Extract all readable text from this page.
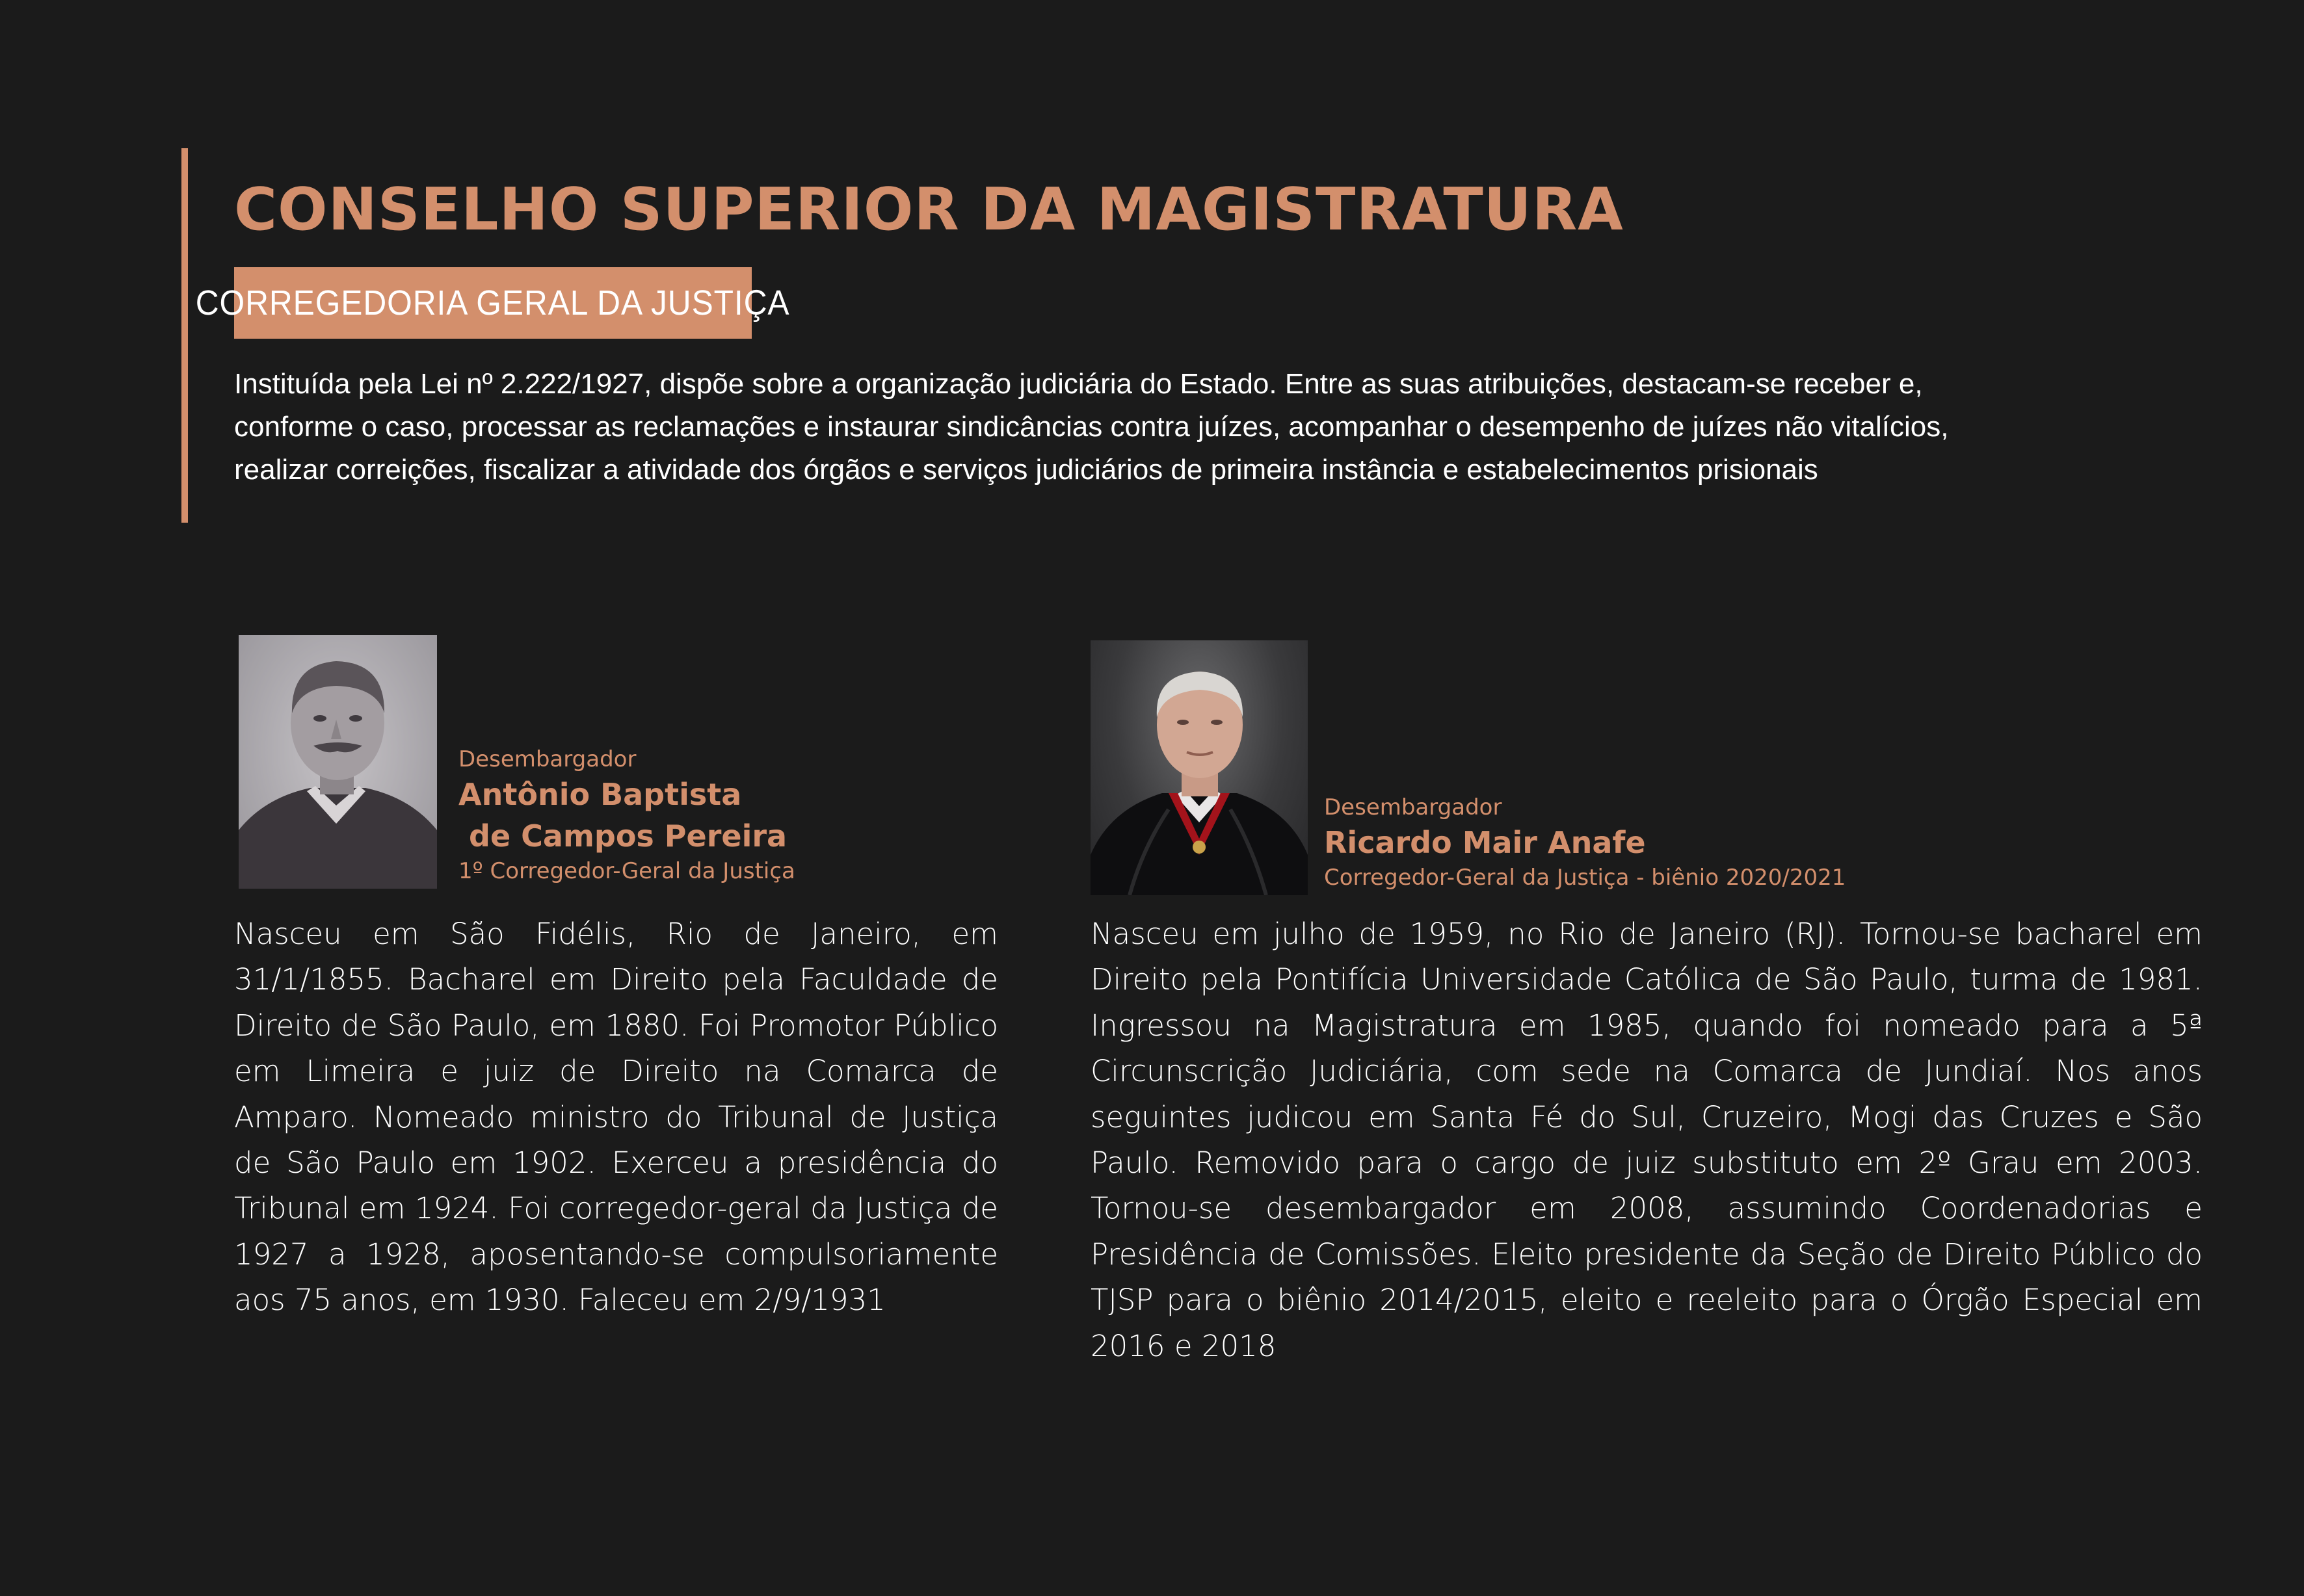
CONSELHO SUPERIOR DA MAGISTRATURA
CORREGEDORIA GERAL DA JUSTIÇA

Instituída pela Lei nº 2.222/1927, dispõe sobre a organização judiciária do Estado. Entre as suas atribuições, destacam-se receber e,
conforme o caso, processar as reclamações e instaurar sindicâncias contra juízes, acompanhar o desempenho de juízes não vitalícios,
realizar correições, fiscalizar a atividade dos órgãos e serviços judiciários de primeira instância e estabelecimentos prisionais

Desembargador
Antônio Baptista
de Campos Pereira
1º Corregedor-Geral da Justiça
Desembargador
Ricardo Mair Anafe
Corregedor-Geral da Justiça - biênio 2020/2021

Nasceu em São Fidélis, Rio de Janeiro, em 31/1/1855. Bacharel em Direito pela Faculdade de Direito de São Paulo, em 1880. Foi Promotor Público em Limeira e juiz de Direito na Comarca de Amparo. Nomeado ministro do Tribunal de Justiça de São Paulo em 1902. Exerceu a presidência do Tribunal em 1924. Foi corregedor-geral da Justiça de 1927 a 1928, aposentando-se compulsoriamente aos 75 anos, em 1930. Faleceu em 2/9/1931

Nasceu em julho de 1959, no Rio de Janeiro (RJ). Tornou-se bacharel em Direito pela Pontifícia Universidade Católica de São Paulo, turma de 1981. Ingressou na Magistratura em 1985, quando foi nomeado para a 5ª Circunscrição Judiciária, com sede na Comarca de Jundiaí. Nos anos seguintes judicou em Santa Fé do Sul, Cruzeiro, Mogi das Cruzes e São Paulo. Removido para o cargo de juiz substituto em 2º Grau em 2003. Tornou-se desembargador em 2008, assumindo Coordenadorias e Presidência de Comissões. Eleito presidente da Seção de Direito Público do TJSP para o biênio 2014/2015, eleito e reeleito para o Órgão Especial em 2016 e 2018
